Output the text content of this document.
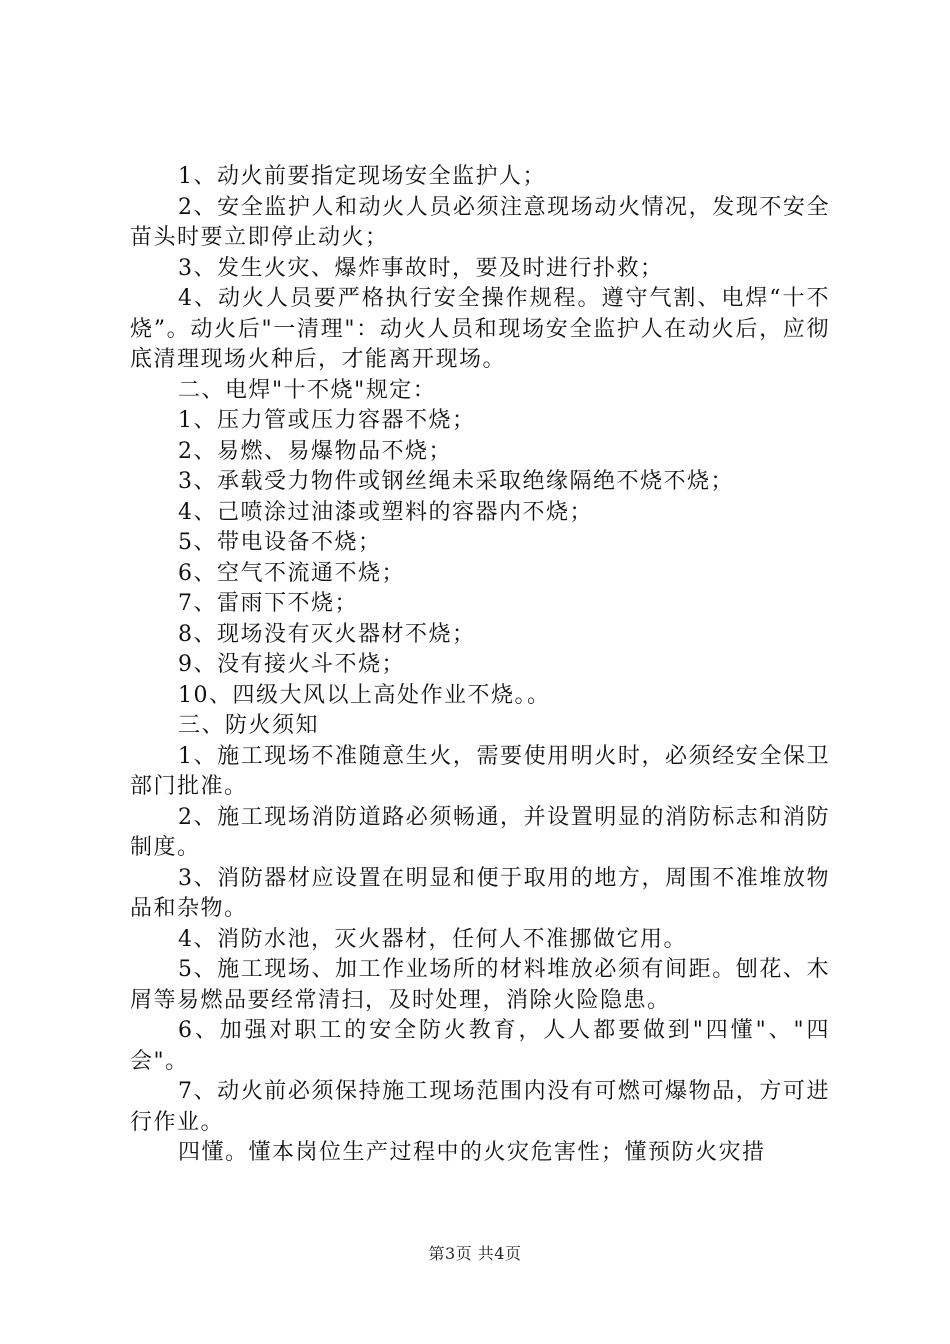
1、动火前要指定现场安全监护人；

2、安全监护人和动火人员必须注意现场动火情况，发现不安全苗头时要立即停止动火；

3、发生火灾、爆炸事故时，要及时进行扑救；

4、动火人员要严格执行安全操作规程。遵守气割、电焊“十不烧”。动火后"一清理"：动火人员和现场安全监护人在动火后，应彻底清理现场火种后，才能离开现场。

二、电焊"十不烧"规定：

1、压力管或压力容器不烧；

2、易燃、易爆物品不烧；

3、承载受力物件或钢丝绳未采取绝缘隔绝不烧不烧；

4、己喷涂过油漆或塑料的容器内不烧；

5、带电设备不烧；

6、空气不流通不烧；

7、雷雨下不烧；

8、现场没有灭火器材不烧；

9、没有接火斗不烧；

10、四级大风以上高处作业不烧。。

三、防火须知

1、施工现场不准随意生火，需要使用明火时，必须经安全保卫部门批准。

2、施工现场消防道路必须畅通，并设置明显的消防标志和消防制度。

3、消防器材应设置在明显和便于取用的地方，周围不准堆放物品和杂物。

4、消防水池，灭火器材，任何人不准挪做它用。

5、施工现场、加工作业场所的材料堆放必须有间距。刨花、木屑等易燃品要经常清扫，及时处理，消除火险隐患。

6、加强对职工的安全防火教育，人人都要做到"四懂"、"四会"。

7、动火前必须保持施工现场范围内没有可燃可爆物品，方可进行作业。

四懂。懂本岗位生产过程中的火灾危害性；懂预防火灾措

第3页 共4页
